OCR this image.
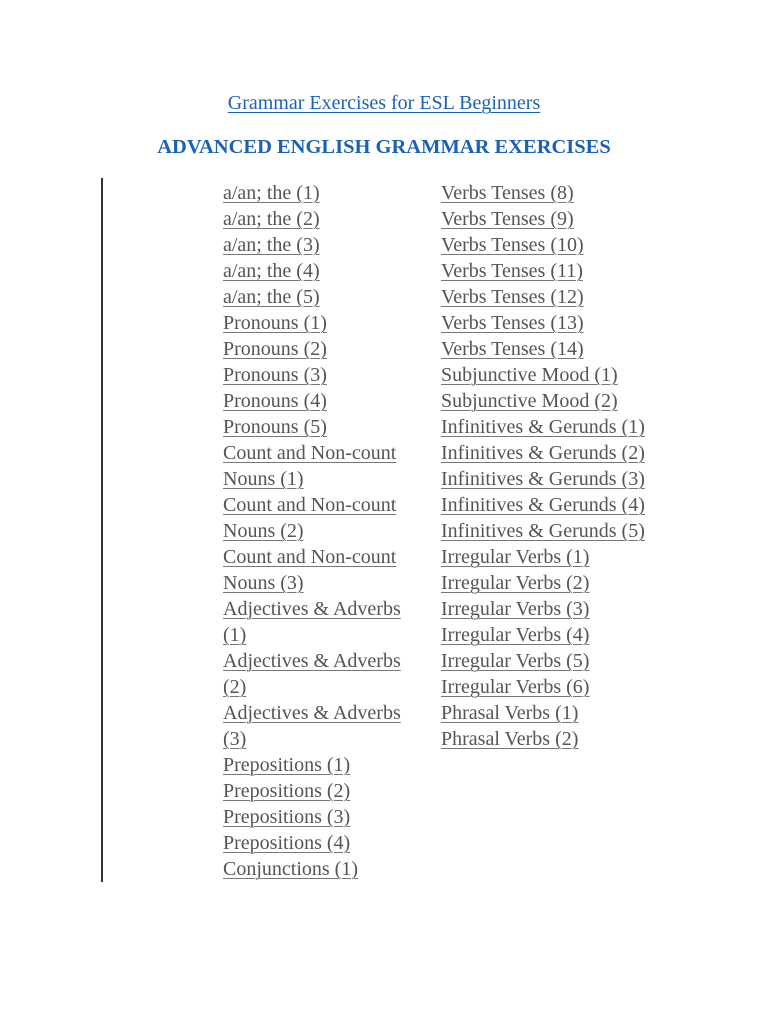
Grammar Exercises for ESL Beginners
ADVANCED ENGLISH GRAMMAR EXERCISES
a/an; the (1)
a/an; the (2)
a/an; the (3)
a/an; the (4)
a/an; the (5)
Pronouns (1)
Pronouns (2)
Pronouns (3)
Pronouns (4)
Pronouns (5)
Count and Non-count Nouns (1)
Count and Non-count Nouns (2)
Count and Non-count Nouns (3)
Adjectives & Adverbs (1)
Adjectives & Adverbs (2)
Adjectives & Adverbs (3)
Prepositions (1)
Prepositions (2)
Prepositions (3)
Prepositions (4)
Conjunctions (1)
Verbs Tenses (8)
Verbs Tenses (9)
Verbs Tenses (10)
Verbs Tenses (11)
Verbs Tenses (12)
Verbs Tenses (13)
Verbs Tenses (14)
Subjunctive Mood (1)
Subjunctive Mood (2)
Infinitives & Gerunds (1)
Infinitives & Gerunds (2)
Infinitives & Gerunds (3)
Infinitives & Gerunds (4)
Infinitives & Gerunds (5)
Irregular Verbs (1)
Irregular Verbs (2)
Irregular Verbs (3)
Irregular Verbs (4)
Irregular Verbs (5)
Irregular Verbs (6)
Phrasal Verbs (1)
Phrasal Verbs (2)
